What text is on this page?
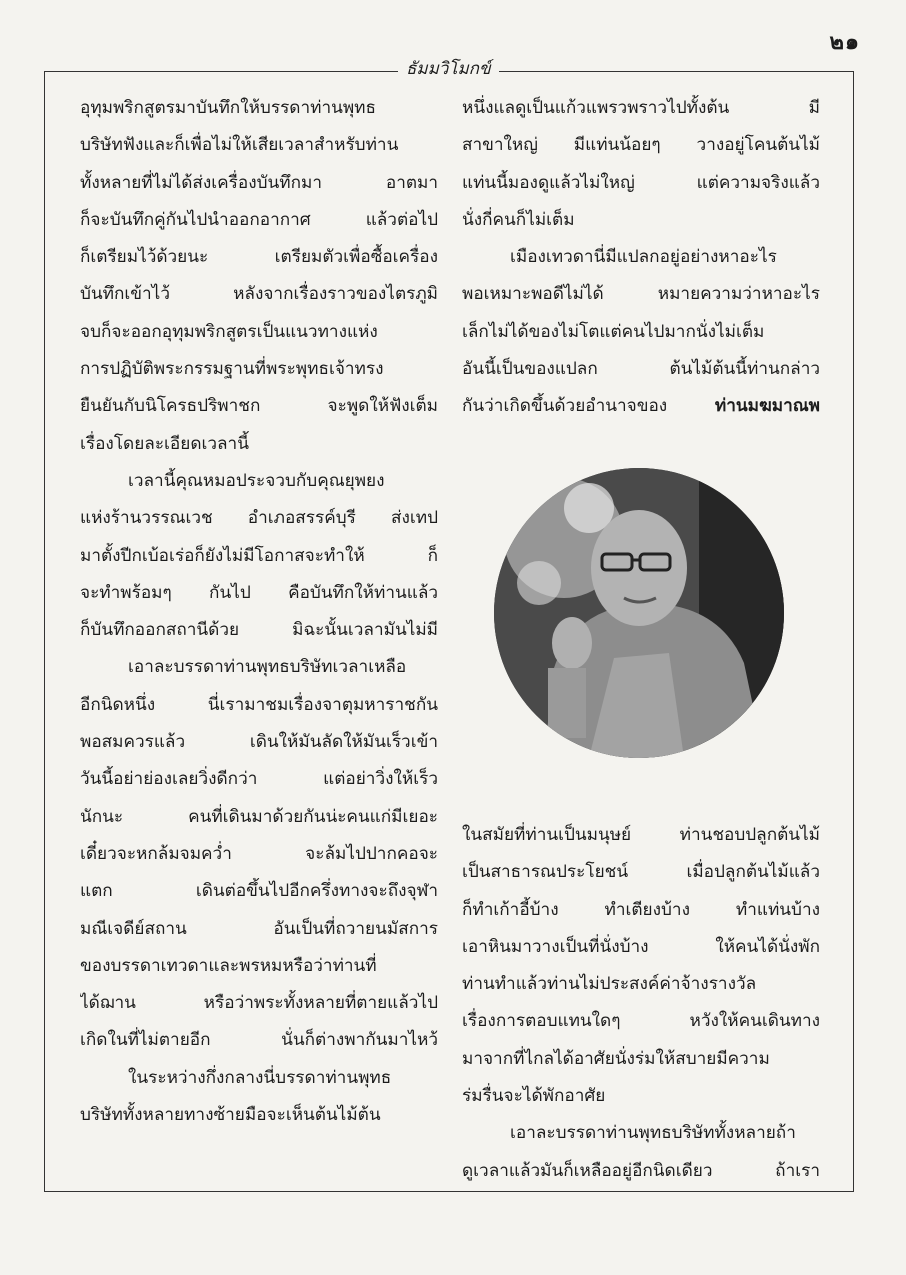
๒๑
ธัมมวิโมกข์
อุทุมพริกสูตรมาบันทึกให้บรรดาท่านพุทธ
บริษัทฟังและก็เพื่อไม่ให้เสียเวลาสำหรับท่าน
ทั้งหลายที่ไม่ได้ส่งเครื่องบันทึกมา อาตมา
ก็จะบันทึกคู่กันไปนำออกอากาศ แล้วต่อไป
ก็เตรียมไว้ด้วยนะ เตรียมตัวเพื่อซื้อเครื่อง
บันทึกเข้าไว้ หลังจากเรื่องราวของไตรภูมิ
จบก็จะออกอุทุมพริกสูตรเป็นแนวทางแห่ง
การปฏิบัติพระกรรมฐานที่พระพุทธเจ้าทรง
ยืนยันกับนิโครธปริพาชก จะพูดให้ฟังเต็ม
เรื่องโดยละเอียดเวลานี้
เวลานี้คุณหมอประจวบกับคุณยุพยง
แห่งร้านวรรณเวช อำเภอสรรค์บุรี ส่งเทป
มาตั้งปีกเบ้อเร่อก็ยังไม่มีโอกาสจะทำให้ ก็
จะทำพร้อมๆ กันไป คือบันทึกให้ท่านแล้ว
ก็บันทึกออกสถานีด้วย มิฉะนั้นเวลามันไม่มี
เอาละบรรดาท่านพุทธบริษัทเวลาเหลือ
อีกนิดหนึ่ง นี่เรามาชมเรื่องจาตุมหาราชกัน
พอสมควรแล้ว เดินให้มันลัดให้มันเร็วเข้า
วันนี้อย่าย่องเลยวิ่งดีกว่า แต่อย่าวิ่งให้เร็ว
นักนะ คนที่เดินมาด้วยกันน่ะคนแก่มีเยอะ
เดี๋ยวจะหกล้มจมคว่ำ จะล้มไปปากคอจะ
แตก เดินต่อขึ้นไปอีกครึ่งทางจะถึงจุฬา
มณีเจดีย์สถาน อันเป็นที่ถวายนมัสการ
ของบรรดาเทวดาและพรหมหรือว่าท่านที่
ได้ฌาน หรือว่าพระทั้งหลายที่ตายแล้วไป
เกิดในที่ไม่ตายอีก นั่นก็ต่างพากันมาไหว้
ในระหว่างกึ่งกลางนี่บรรดาท่านพุทธ
บริษัททั้งหลายทางซ้ายมือจะเห็นต้นไม้ต้น
หนึ่งแลดูเป็นแก้วแพรวพราวไปทั้งต้น มี
สาขาใหญ่ มีแท่นน้อยๆ วางอยู่โคนต้นไม้
แท่นนี้มองดูแล้วไม่ใหญ่ แต่ความจริงแล้ว
นั่งกี่คนก็ไม่เต็ม
เมืองเทวดานี่มีแปลกอยู่อย่างหาอะไร
พอเหมาะพอดีไม่ได้ หมายความว่าหาอะไร
เล็กไม่ได้ของไม่โตแต่คนไปมากนั่งไม่เต็ม
อันนี้เป็นของแปลก ต้นไม้ต้นนี้ท่านกล่าว
กันว่าเกิดขึ้นด้วยอำนาจของ	ท่านมฆมาณพ
ในสมัยที่ท่านเป็นมนุษย์ ท่านชอบปลูกต้นไม้
เป็นสาธารณประโยชน์ เมื่อปลูกต้นไม้แล้ว
ก็ทำเก้าอี้บ้าง ทำเตียงบ้าง ทำแท่นบ้าง
เอาหินมาวางเป็นที่นั่งบ้าง ให้คนได้นั่งพัก
ท่านทำแล้วท่านไม่ประสงค์ค่าจ้างรางวัล
เรื่องการตอบแทนใดๆ หวังให้คนเดินทาง
มาจากที่ไกลได้อาศัยนั่งร่มให้สบายมีความ
ร่มรื่นจะได้พักอาศัย
เอาละบรรดาท่านพุทธบริษัททั้งหลายถ้า
ดูเวลาแล้วมันก็เหลืออยู่อีกนิดเดียว ถ้าเรา
